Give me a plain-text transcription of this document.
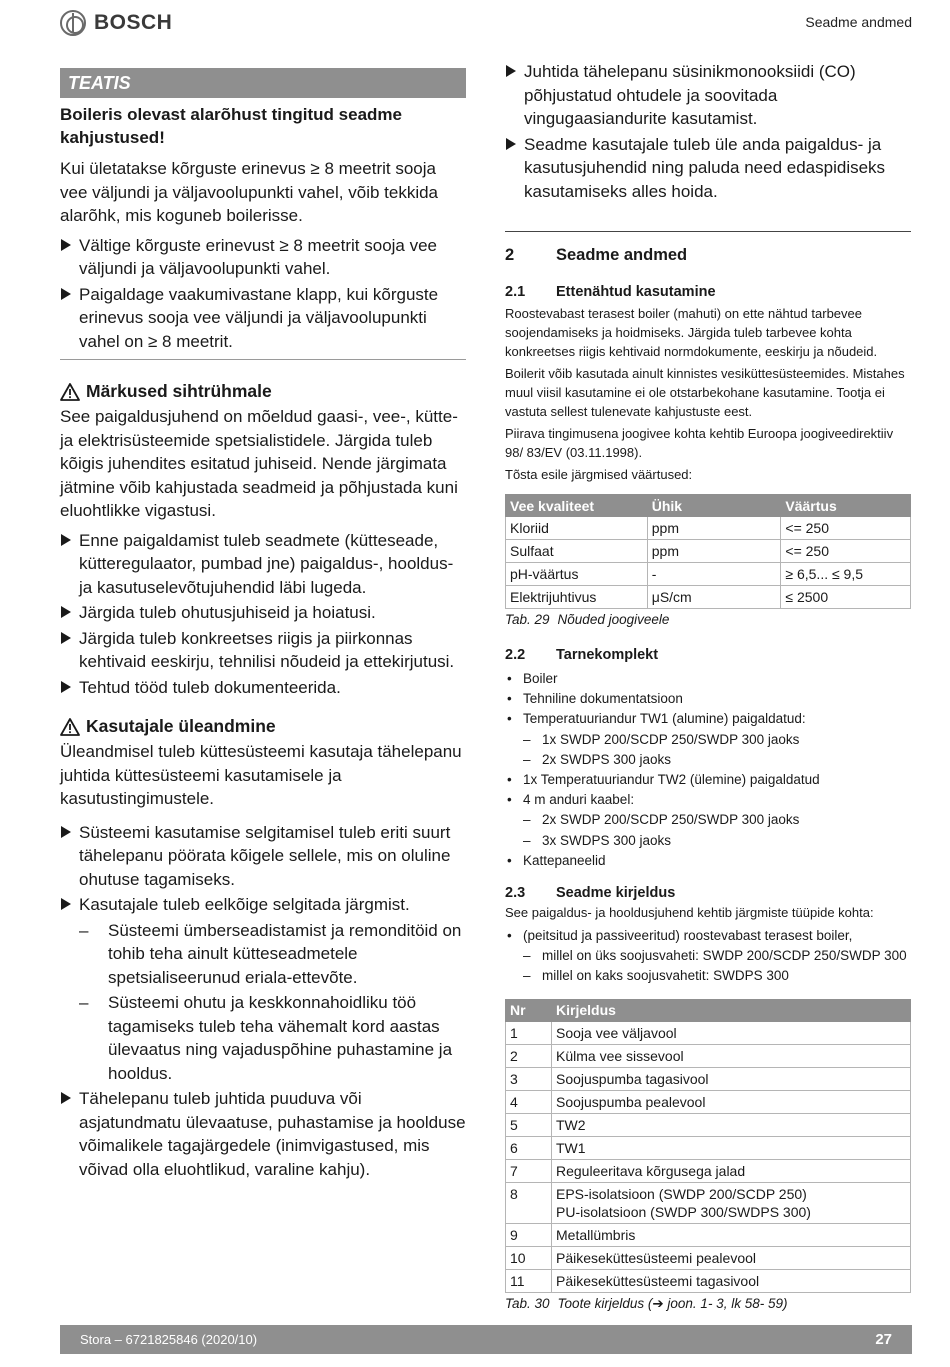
BOSCH	Seadme andmed
TEATIS
Boileris olevast alarõhust tingitud seadme kahjustused!
Kui ületatakse kõrguste erinevus ≥ 8 meetrit sooja vee väljundi ja väljavoolupunkti vahel, võib tekkida alarõhk, mis koguneb boilerisse.
Vältige kõrguste erinevust ≥ 8 meetrit sooja vee väljundi ja väljavoolupunkti vahel.
Paigaldage vaakumivastane klapp, kui kõrguste erinevus sooja vee väljundi ja väljavoolupunkti vahel on ≥ 8 meetrit.
Märkused sihtrühmale
See paigaldusjuhend on mõeldud gaasi-, vee-, kütte- ja elektrisüsteemide spetsialistidele. Järgida tuleb kõigis juhendites esitatud juhiseid. Nende järgimata jätmine võib kahjustada seadmeid ja põhjustada kuni eluohtlikke vigastusi.
Enne paigaldamist tuleb seadmete (kütteseade, kütteregulaator, pumbad jne) paigaldus-, hooldus- ja kasutuselevõtujuhendid läbi lugeda.
Järgida tuleb ohutusjuhiseid ja hoiatusi.
Järgida tuleb konkreetses riigis ja piirkonnas kehtivaid eeskirju, tehnilisi nõudeid ja ettekirjutusi.
Tehtud tööd tuleb dokumenteerida.
Kasutajale üleandmine
Üleandmisel tuleb küttesüsteemi kasutaja tähelepanu juhtida küttesüsteemi kasutamisele ja kasutustingimustele.
Süsteemi kasutamise selgitamisel tuleb eriti suurt tähelepanu pöörata kõigele sellele, mis on oluline ohutuse tagamiseks.
Kasutajale tuleb eelkõige selgitada järgmist.
– Süsteemi ümberseadistamist ja remonditöid on tohib teha ainult kütteseadmetele spetsialiseerunud eriala-ettevõte.
– Süsteemi ohutu ja keskkonnahoidliku töö tagamiseks tuleb teha vähemalt kord aastas ülevaatus ning vajaduspõhine puhastamine ja hooldus.
Tähelepanu tuleb juhtida puuduva või asjatundmatu ülevaatuse, puhastamise ja hoolduse võimalikele tagajärgedele (inimvigastused, mis võivad olla eluohtlikud, varaline kahju).
Juhtida tähelepanu süsinikmonooksiidi (CO) põhjustatud ohtudele ja soovitada vingugaasiandurite kasutamist.
Seadme kasutajale tuleb üle anda paigaldus- ja kasutusjuhendid ning paluda need edaspidiseks kasutamiseks alles hoida.
2	Seadme andmed
2.1	Ettenähtud kasutamine
Roostevabast terasest boiler (mahuti) on ette nähtud tarbevee soojendamiseks ja hoidmiseks. Järgida tuleb tarbevee kohta konkreetses riigis kehtivaid normdokumente, eeskirju ja nõudeid.
Boilerit võib kasutada ainult kinnistes vesiküttesüsteemides. Mistahes muul viisil kasutamine ei ole otstarbekohane kasutamine. Tootja ei vastuta sellest tulenevate kahjustuste eest.
Piirava tingimusena joogivee kohta kehtib Euroopa joogiveedirektiiv 98/ 83/EV (03.11.1998).
Tõsta esile järgmised väärtused:
Vee kvaliteet	Ühik	Väärtus
Kloriid	ppm	<= 250
Sulfaat	ppm	<= 250
pH-väärtus	-	≥ 6,5... ≤ 9,5
Elektrijuhtivus	μS/cm	≤ 2500
Tab. 29 Nõuded joogiveele
2.2	Tarnekomplekt
• Boiler
• Tehniline dokumentatsioon
• Temperatuuriandur TW1 (alumine) paigaldatud:
– 1x SWDP 200/SCDP 250/SWDP 300 jaoks
– 2x SWDPS 300 jaoks
• 1x Temperatuuriandur TW2 (ülemine) paigaldatud
• 4 m anduri kaabel:
– 2x SWDP 200/SCDP 250/SWDP 300 jaoks
– 3x SWDPS 300 jaoks
• Kattepaneelid
2.3	Seadme kirjeldus
See paigaldus- ja hooldusjuhend kehtib järgmiste tüüpide kohta:
• (peitsitud ja passiveeritud) roostevabast terasest boiler,
– millel on üks soojusvaheti: SWDP 200/SCDP 250/SWDP 300
– millel on kaks soojusvahetit: SWDPS 300
Nr	Kirjeldus
1	Sooja vee väljavool
2	Külma vee sissevool
3	Soojuspumba tagasivool
4	Soojuspumba pealevool
5	TW2
6	TW1
7	Reguleeritava kõrgusega jalad
8	EPS-isolatsioon (SWDP 200/SCDP 250)
PU-isolatsioon (SWDP 300/SWDPS 300)
9	Metallümbris
10	Päikeseküttesüsteemi pealevool
11	Päikeseküttesüsteemi tagasivool
Tab. 30 Toote kirjeldus (➔ joon. 1- 3, lk 58- 59)
Stora – 6721825846 (2020/10)	27
